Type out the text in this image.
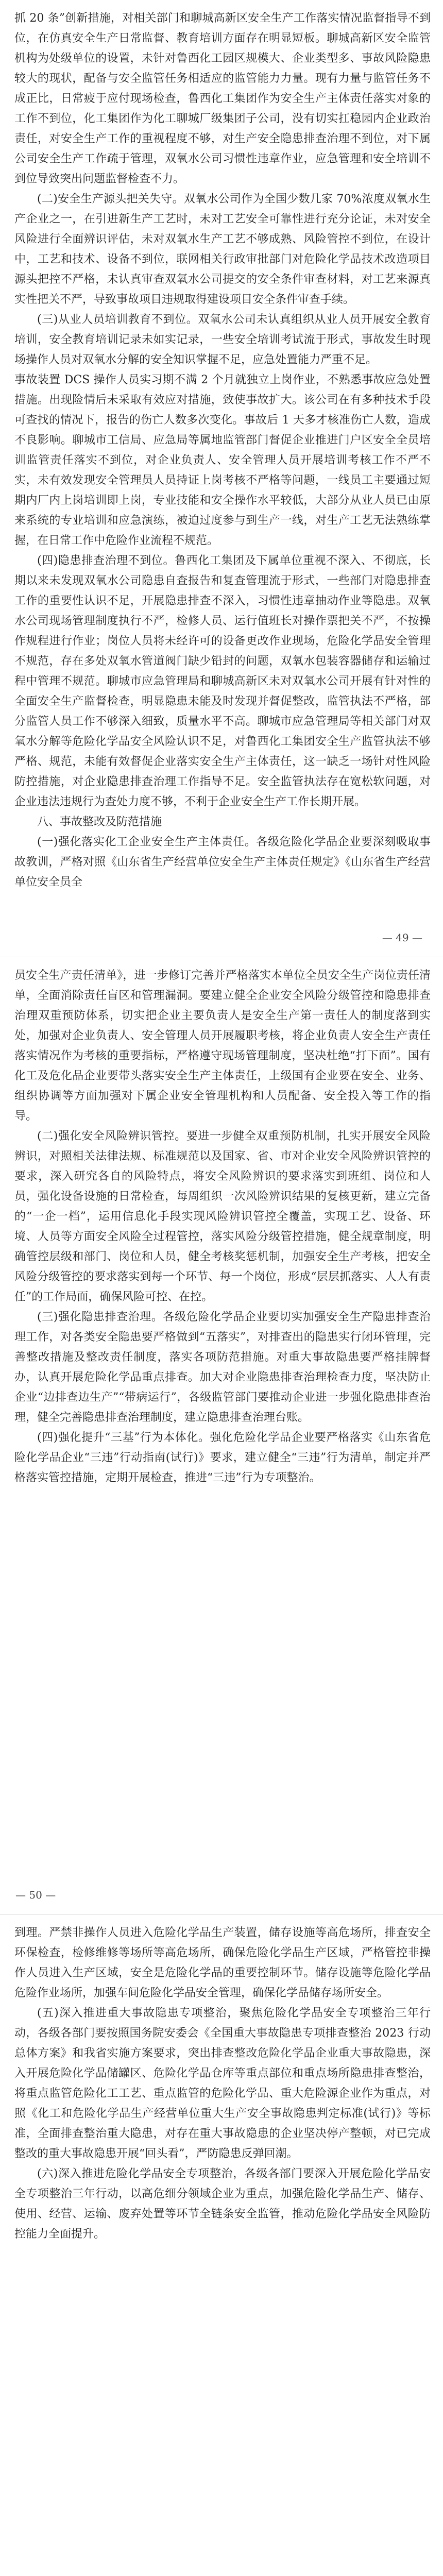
抓 20 条”创新措施，对相关部门和聊城高新区安全生产工作落实情况监督指导不到位，在仿真安全生产日常监督、教育培训方面存在明显短板。聊城高新区安全监管机构为处级单位的设置，未针对鲁西化工园区规模大、企业类型多、事故风险隐患较大的现状，配备与安全监管任务相适应的监管能力力量。现有力量与监管任务不成正比，日常疲于应付现场检查，鲁西化工集团作为安全生产主体责任落实对象的工作不到位，化工集团作为化工聊城厂级集团子公司，没有切实扛稳园内企业政治责任，对安全生产工作的重视程度不够，对生产安全隐患排查治理不到位，对下属公司安全生产工作疏于管理，双氧水公司习惯性违章作业，应急管理和安全培训不到位导致突出问题监督检查不力。

(二)安全生产源头把关失守。双氧水公司作为全国少数几家 70%浓度双氧水生产企业之一，在引进新生产工艺时，未对工艺安全可靠性进行充分论证，未对安全风险进行全面辨识评估，未对双氧水生产工艺不够成熟、风险管控不到位，在设计中，工艺和技术、设备不到位，联网相关行政审批部门对危险化学品技术改造项目源头把控不严格，未认真审查双氧水公司提交的安全条件审查材料，对工艺来源真实性把关不严，导致事故项目违规取得建设项目安全条件审查手续。

(三)从业人员培训教育不到位。双氧水公司未认真组织从业人员开展安全教育培训，安全教育培训记录未如实记录，一些安全培训考试流于形式，事故发生时现场操作人员对双氧水分解的安全知识掌握不足，应急处置能力严重不足。

事故装置 DCS 操作人员实习期不满 2 个月就独立上岗作业，不熟悉事故应急处置措施。出现险情后未采取有效应对措施，致使事故扩大。该公司在有多种技术手段可查找的情况下，报告的伤亡人数多次变化。事故后 1 天多才核准伤亡人数，造成不良影响。聊城市工信局、应急局等属地监管部门督促企业推进门户区安全全员培训监管责任落实不到位，对企业负责人、安全管理人员开展培训考核工作不严不实，未有效发现安全管理员人员持证上岗考核不严格等问题，一线员工主要通过短期内厂内上岗培训即上岗，专业技能和安全操作水平较低，大部分从业人员已由原来系统的专业培训和应急演练，被迫过度参与到生产一线，对生产工艺无法熟练掌握，在日常工作中危险作业流程不规范。

(四)隐患排查治理不到位。鲁西化工集团及下属单位重视不深入、不彻底，长期以来未发现双氧水公司隐患自查报告和复查管理流于形式，一些部门对隐患排查工作的重要性认识不足，开展隐患排查不深入，习惯性违章抽动作业等隐患。双氧水公司现场管理制度执行不严，检修人员、运行值班长对操作票把关不严，不按操作规程进行作业；岗位人员将未经许可的设备更改作业现场，危险化学品安全管理不规范，存在多处双氧水管道阀门缺少铅封的问题，双氧水包装容器储存和运输过程中管理不规范。聊城市应急管理局和聊城高新区未对双氧水公司开展有针对性的全面安全生产监督检查，明显隐患未能及时发现并督促整改，监管执法不严格，部分监管人员工作不够深入细致，质量水平不高。聊城市应急管理局等相关部门对双氧水分解等危险化学品安全风险认识不足，对鲁西化工集团安全生产监管执法不够严格、规范，未能有效督促企业落实安全生产主体责任，这一缺乏一场针对性风险防控措施，对企业隐患排查治理工作指导不足。安全监管执法存在宽松软问题，对企业违法违规行为查处力度不够，不利于企业安全生产工作长期开展。

八、事故整改及防范措施

(一)强化落实化工企业安全生产主体责任。各级危险化学品企业要深刻吸取事故教训，严格对照《山东省生产经营单位安全生产主体责任规定》《山东省生产经营单位安全员全

— 49 —

员安全生产责任清单》，进一步修订完善并严格落实本单位全员安全生产岗位责任清单，全面消除责任盲区和管理漏洞。要建立健全企业安全风险分级管控和隐患排查治理双重预防体系，切实把企业主要负责人是安全生产第一责任人的制度落到实处，加强对企业负责人、安全管理人员开展履职考核，将企业负责人安全生产责任落实情况作为考核的重要指标，严格遵守现场管理制度，坚决杜绝“打下面”。国有化工及危化品企业要带头落实安全生产主体责任，上级国有企业要在安全、业务、组织协调等方面加强对下属企业安全管理机构和人员配备、安全投入等工作的指导。

(二)强化安全风险辨识管控。要进一步健全双重预防机制，扎实开展安全风险辨识，对照相关法律法规、标准规范以及国家、省、市对企业安全风险辨识管控的要求，深入研究各自的风险特点，将安全风险辨识的要求落实到班组、岗位和人员，强化设备设施的日常检查，每周组织一次风险辨识结果的复核更新，建立完备的“一企一档”，运用信息化手段实现风险辨识管控全覆盖，实现工艺、设备、环境、人员等方面安全风险全过程管控，落实风险分级管控措施，健全规章制度，明确管控层级和部门、岗位和人员，健全考核奖惩机制，加强安全生产考核，把安全风险分级管控的要求落实到每一个环节、每一个岗位，形成“层层抓落实、人人有责任”的工作局面，确保风险可控、在控。

(三)强化隐患排查治理。各级危险化学品企业要切实加强安全生产隐患排查治理工作，对各类安全隐患要严格做到“五落实”，对排查出的隐患实行闭环管理，完善整改措施及整改责任制度，落实各项防范措施。对重大事故隐患要严格挂牌督办，认真开展危险化学品重点排查。加大对企业隐患排查治理检查力度，坚决防止企业“边排查边生产”“带病运行”，各级监管部门要推动企业进一步强化隐患排查治理，健全完善隐患排查治理制度，建立隐患排查治理台账。

(四)强化提升“三基”行为本体化。强化危险化学品企业要严格落实《山东省危险化学品企业“三违”行动指南(试行)》要求，建立健全“三违”行为清单，制定并严格落实管控措施，定期开展检查，推进“三违”行为专项整治。

— 50 —

到理。严禁非操作人员进入危险化学品生产装置，储存设施等高危场所，排查安全环保检查，检修维修等场所等高危场所，确保危险化学品生产区域，严格管控非操作人员进入生产区域，安全是危险化学品的重要控制环节。储存设施等危险化学品危险作业场所，加强车间危险化学品安全管理，确保化学品储存场所安全。

(五)深入推进重大事故隐患专项整治，聚焦危险化学品安全专项整治三年行动，各级各部门要按照国务院安委会《全国重大事故隐患专项排查整治 2023 行动总体方案》和我省实施方案要求，突出排查整改危险化学品企业重大事故隐患，深入开展危险化学品储罐区、危险化学品仓库等重点部位和重点场所隐患排查整治，将重点监管危险化工工艺、重点监管的危险化学品、重大危险源企业作为重点，对照《化工和危险化学品生产经营单位重大生产安全事故隐患判定标准(试行)》等标准，全面排查整治重大隐患，对存在重大事故隐患的企业坚决停产整顿，对已完成整改的重大事故隐患开展“回头看”，严防隐患反弹回潮。

(六)深入推进危险化学品安全专项整治，各级各部门要深入开展危险化学品安全专项整治三年行动，以高危细分领域企业为重点，加强危险化学品生产、储存、使用、经营、运输、废弃处置等环节全链条安全监管，推动危险化学品安全风险防控能力全面提升。
